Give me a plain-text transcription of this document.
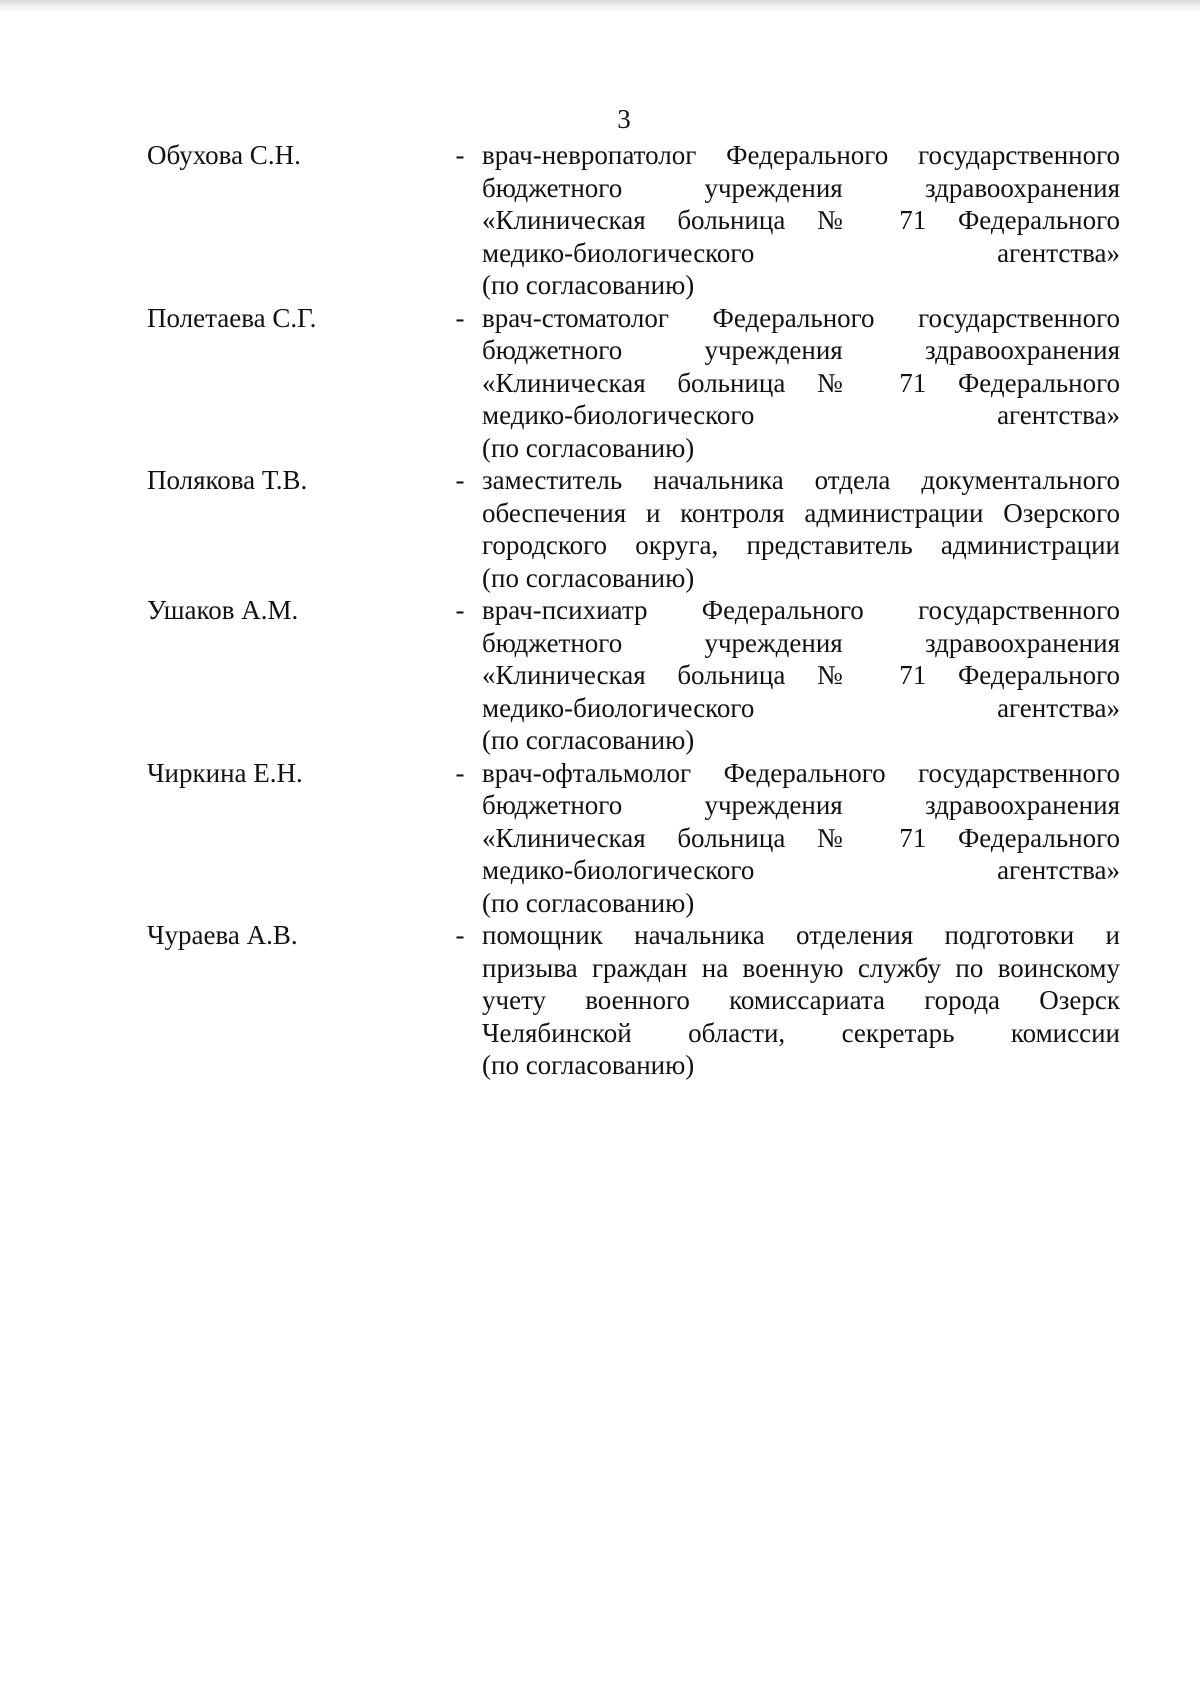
3
Обухова С.Н.	- врач-невропатолог Федерального государственного
бюджетного учреждения здравоохранения
«Клиническая больница № 71 Федерального
медико-биологического агентства»
(по согласованию)
Полетаева С.Г.	- врач-стоматолог Федерального государственного
бюджетного учреждения здравоохранения
«Клиническая больница № 71 Федерального
медико-биологического агентства»
(по согласованию)
Полякова Т.В.	- заместитель начальника отдела документального
обеспечения и контроля администрации Озерского
городского округа, представитель администрации
(по согласованию)
Ушаков А.М.	- врач-психиатр Федерального государственного
бюджетного учреждения здравоохранения
«Клиническая больница № 71 Федерального
медико-биологического агентства»
(по согласованию)
Чиркина Е.Н.	- врач-офтальмолог Федерального государственного
бюджетного учреждения здравоохранения
«Клиническая больница № 71 Федерального
медико-биологического агентства»
(по согласованию)
Чураева А.В.	- помощник начальника отделения подготовки и
призыва граждан на военную службу по воинскому
учету военного комиссариата города Озерск
Челябинской области, секретарь комиссии
(по согласованию)
